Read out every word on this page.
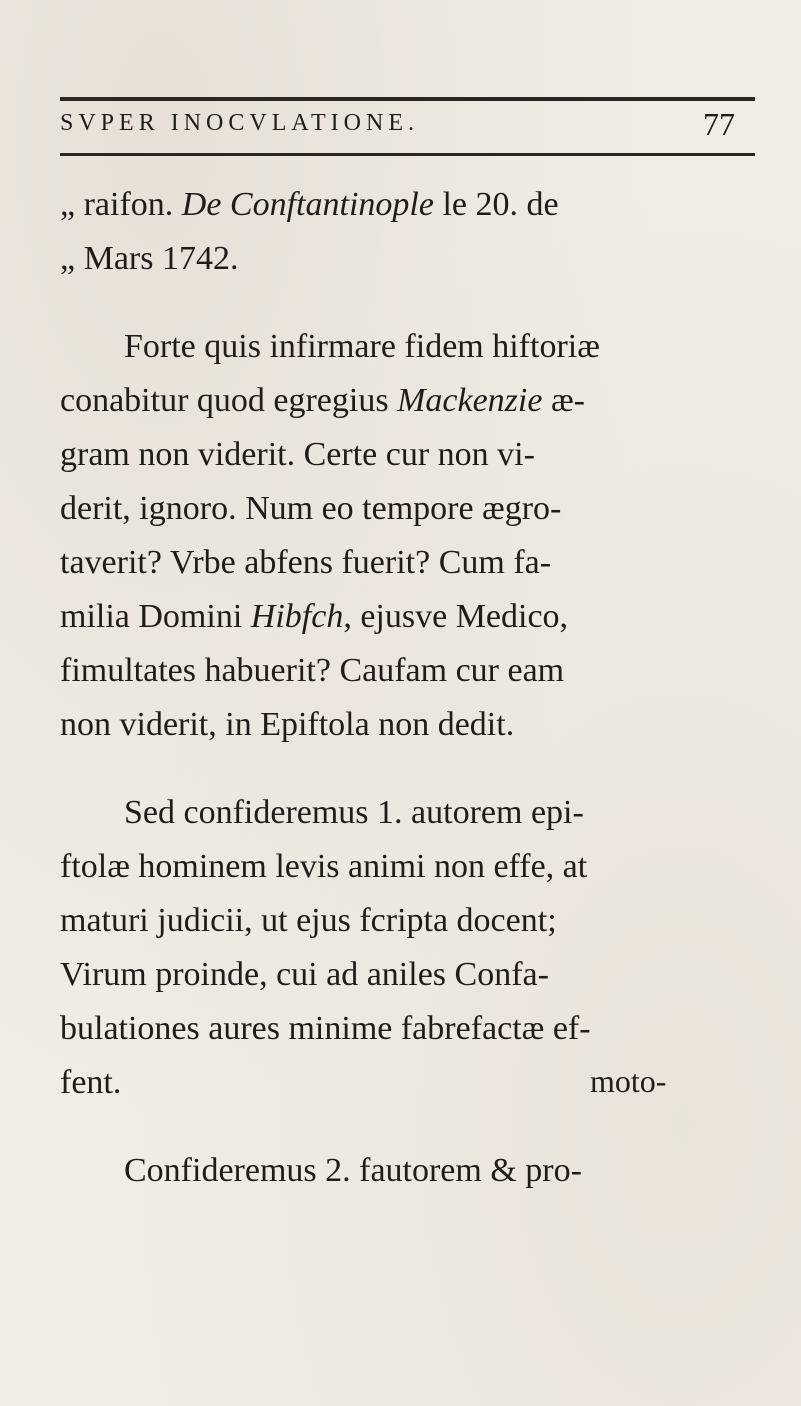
SVPER INOCVLATIONE.	77
„ raifon. De Conftantinople le 20. de
„ Mars 1742.
Forte quis infirmare fidem hiftoriæ
conabitur quod egregius Mackenzie æ-
gram non viderit. Certe cur non vi-
derit, ignoro. Num eo tempore ægro-
taverit? Vrbe abfens fuerit? Cum fa-
milia Domini Hibfch, ejusve Medico,
fimultates habuerit? Caufam cur eam
non viderit, in Epiftola non dedit.
Sed confideremus 1. autorem epi-
ftolæ hominem levis animi non effe, at
maturi judicii, ut ejus fcripta docent;
Virum proinde, cui ad aniles Confa-
bulationes aures minime fabrefactæ ef-
fent.
Confideremus 2. fautorem & pro-
moto-
